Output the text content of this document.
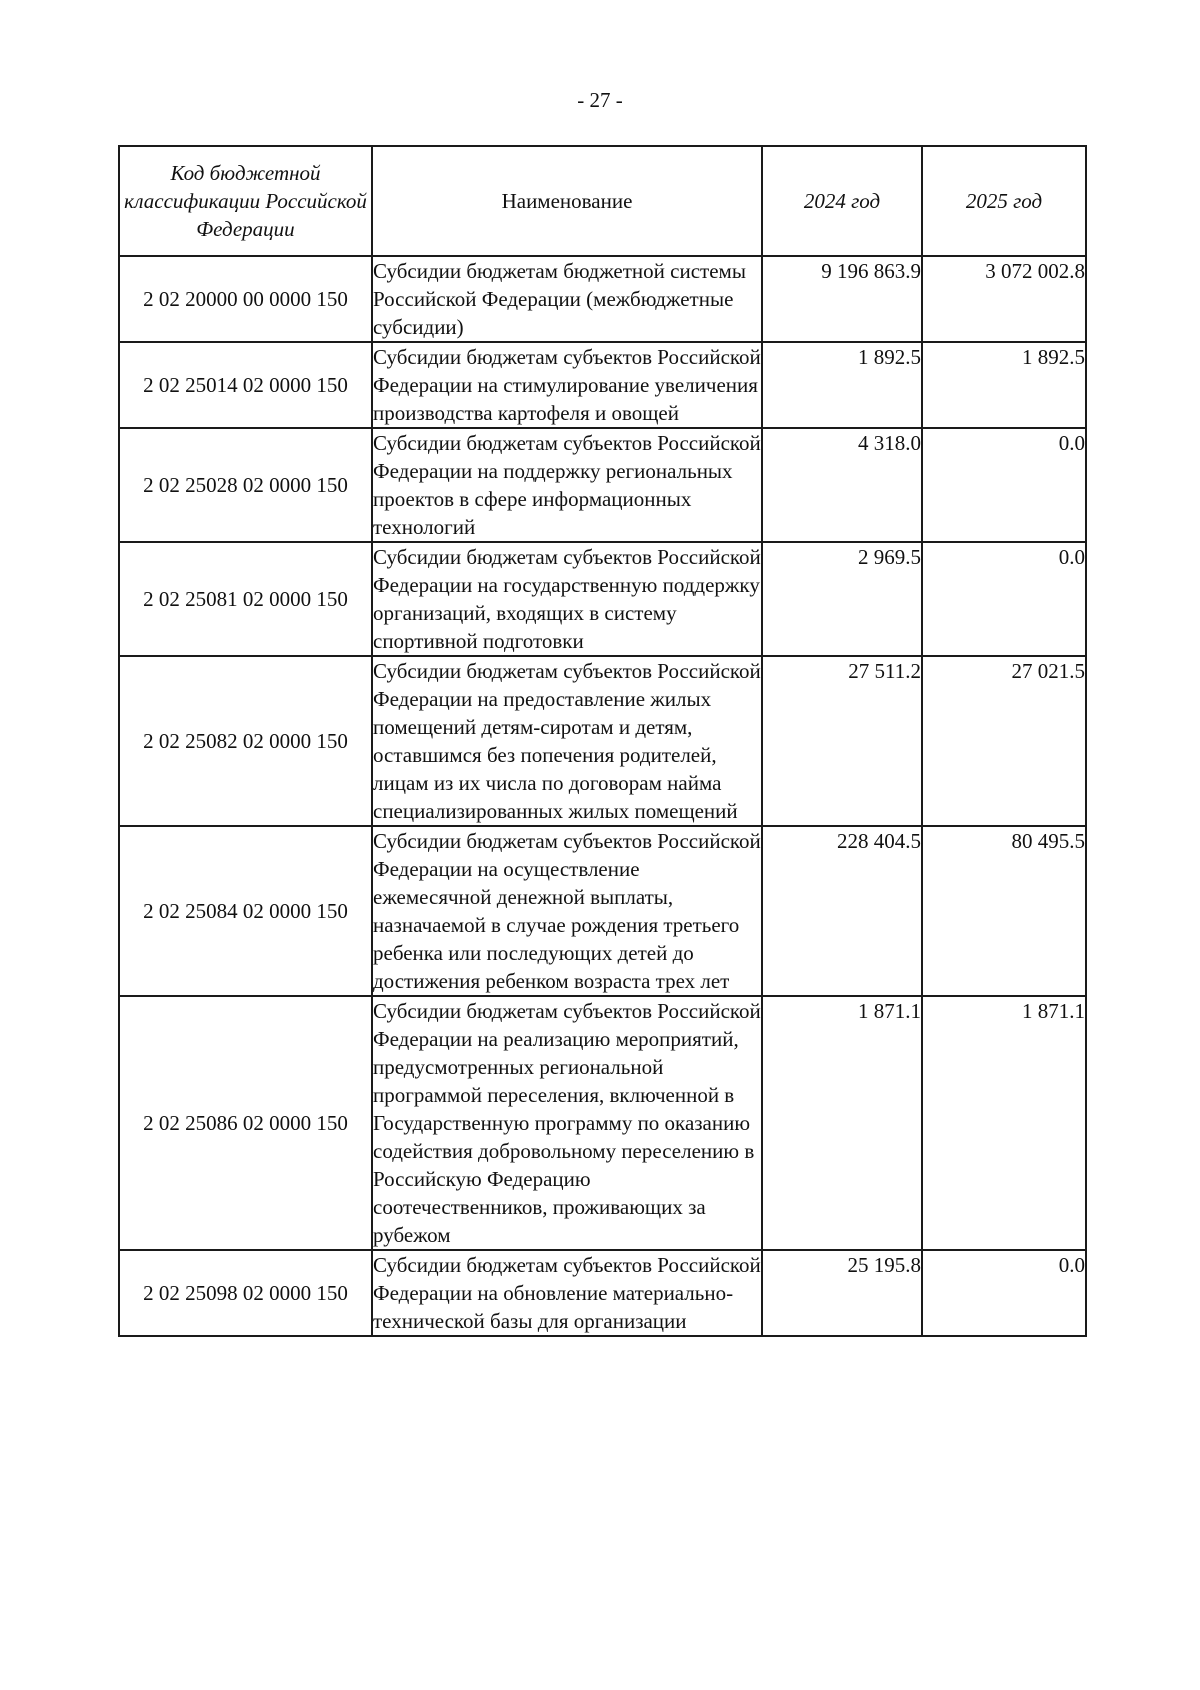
- 27 -
Код бюджетной классификации Российской Федерации	Наименование	2024 год	2025 год
2 02 20000 00 0000 150	Субсидии бюджетам бюджетной системы Российской Федерации (межбюджетные субсидии)	9 196 863.9	3 072 002.8
2 02 25014 02 0000 150	Субсидии бюджетам субъектов Российской Федерации на стимулирование увеличения производства картофеля и овощей	1 892.5	1 892.5
2 02 25028 02 0000 150	Субсидии бюджетам субъектов Российской Федерации на поддержку региональных проектов в сфере информационных технологий	4 318.0	0.0
2 02 25081 02 0000 150	Субсидии бюджетам субъектов Российской Федерации на государственную поддержку организаций, входящих в систему спортивной подготовки	2 969.5	0.0
2 02 25082 02 0000 150	Субсидии бюджетам субъектов Российской Федерации на предоставление жилых помещений детям-сиротам и детям, оставшимся без попечения родителей, лицам из их числа по договорам найма специализированных жилых помещений	27 511.2	27 021.5
2 02 25084 02 0000 150	Субсидии бюджетам субъектов Российской Федерации на осуществление ежемесячной денежной выплаты, назначаемой в случае рождения третьего ребенка или последующих детей до достижения ребенком возраста трех лет	228 404.5	80 495.5
2 02 25086 02 0000 150	Субсидии бюджетам субъектов Российской Федерации на реализацию мероприятий, предусмотренных региональной программой переселения, включенной в Государственную программу по оказанию содействия добровольному переселению в Российскую Федерацию соотечественников, проживающих за рубежом	1 871.1	1 871.1
2 02 25098 02 0000 150	Субсидии бюджетам субъектов Российской Федерации на обновление материально-технической базы для организации	25 195.8	0.0
